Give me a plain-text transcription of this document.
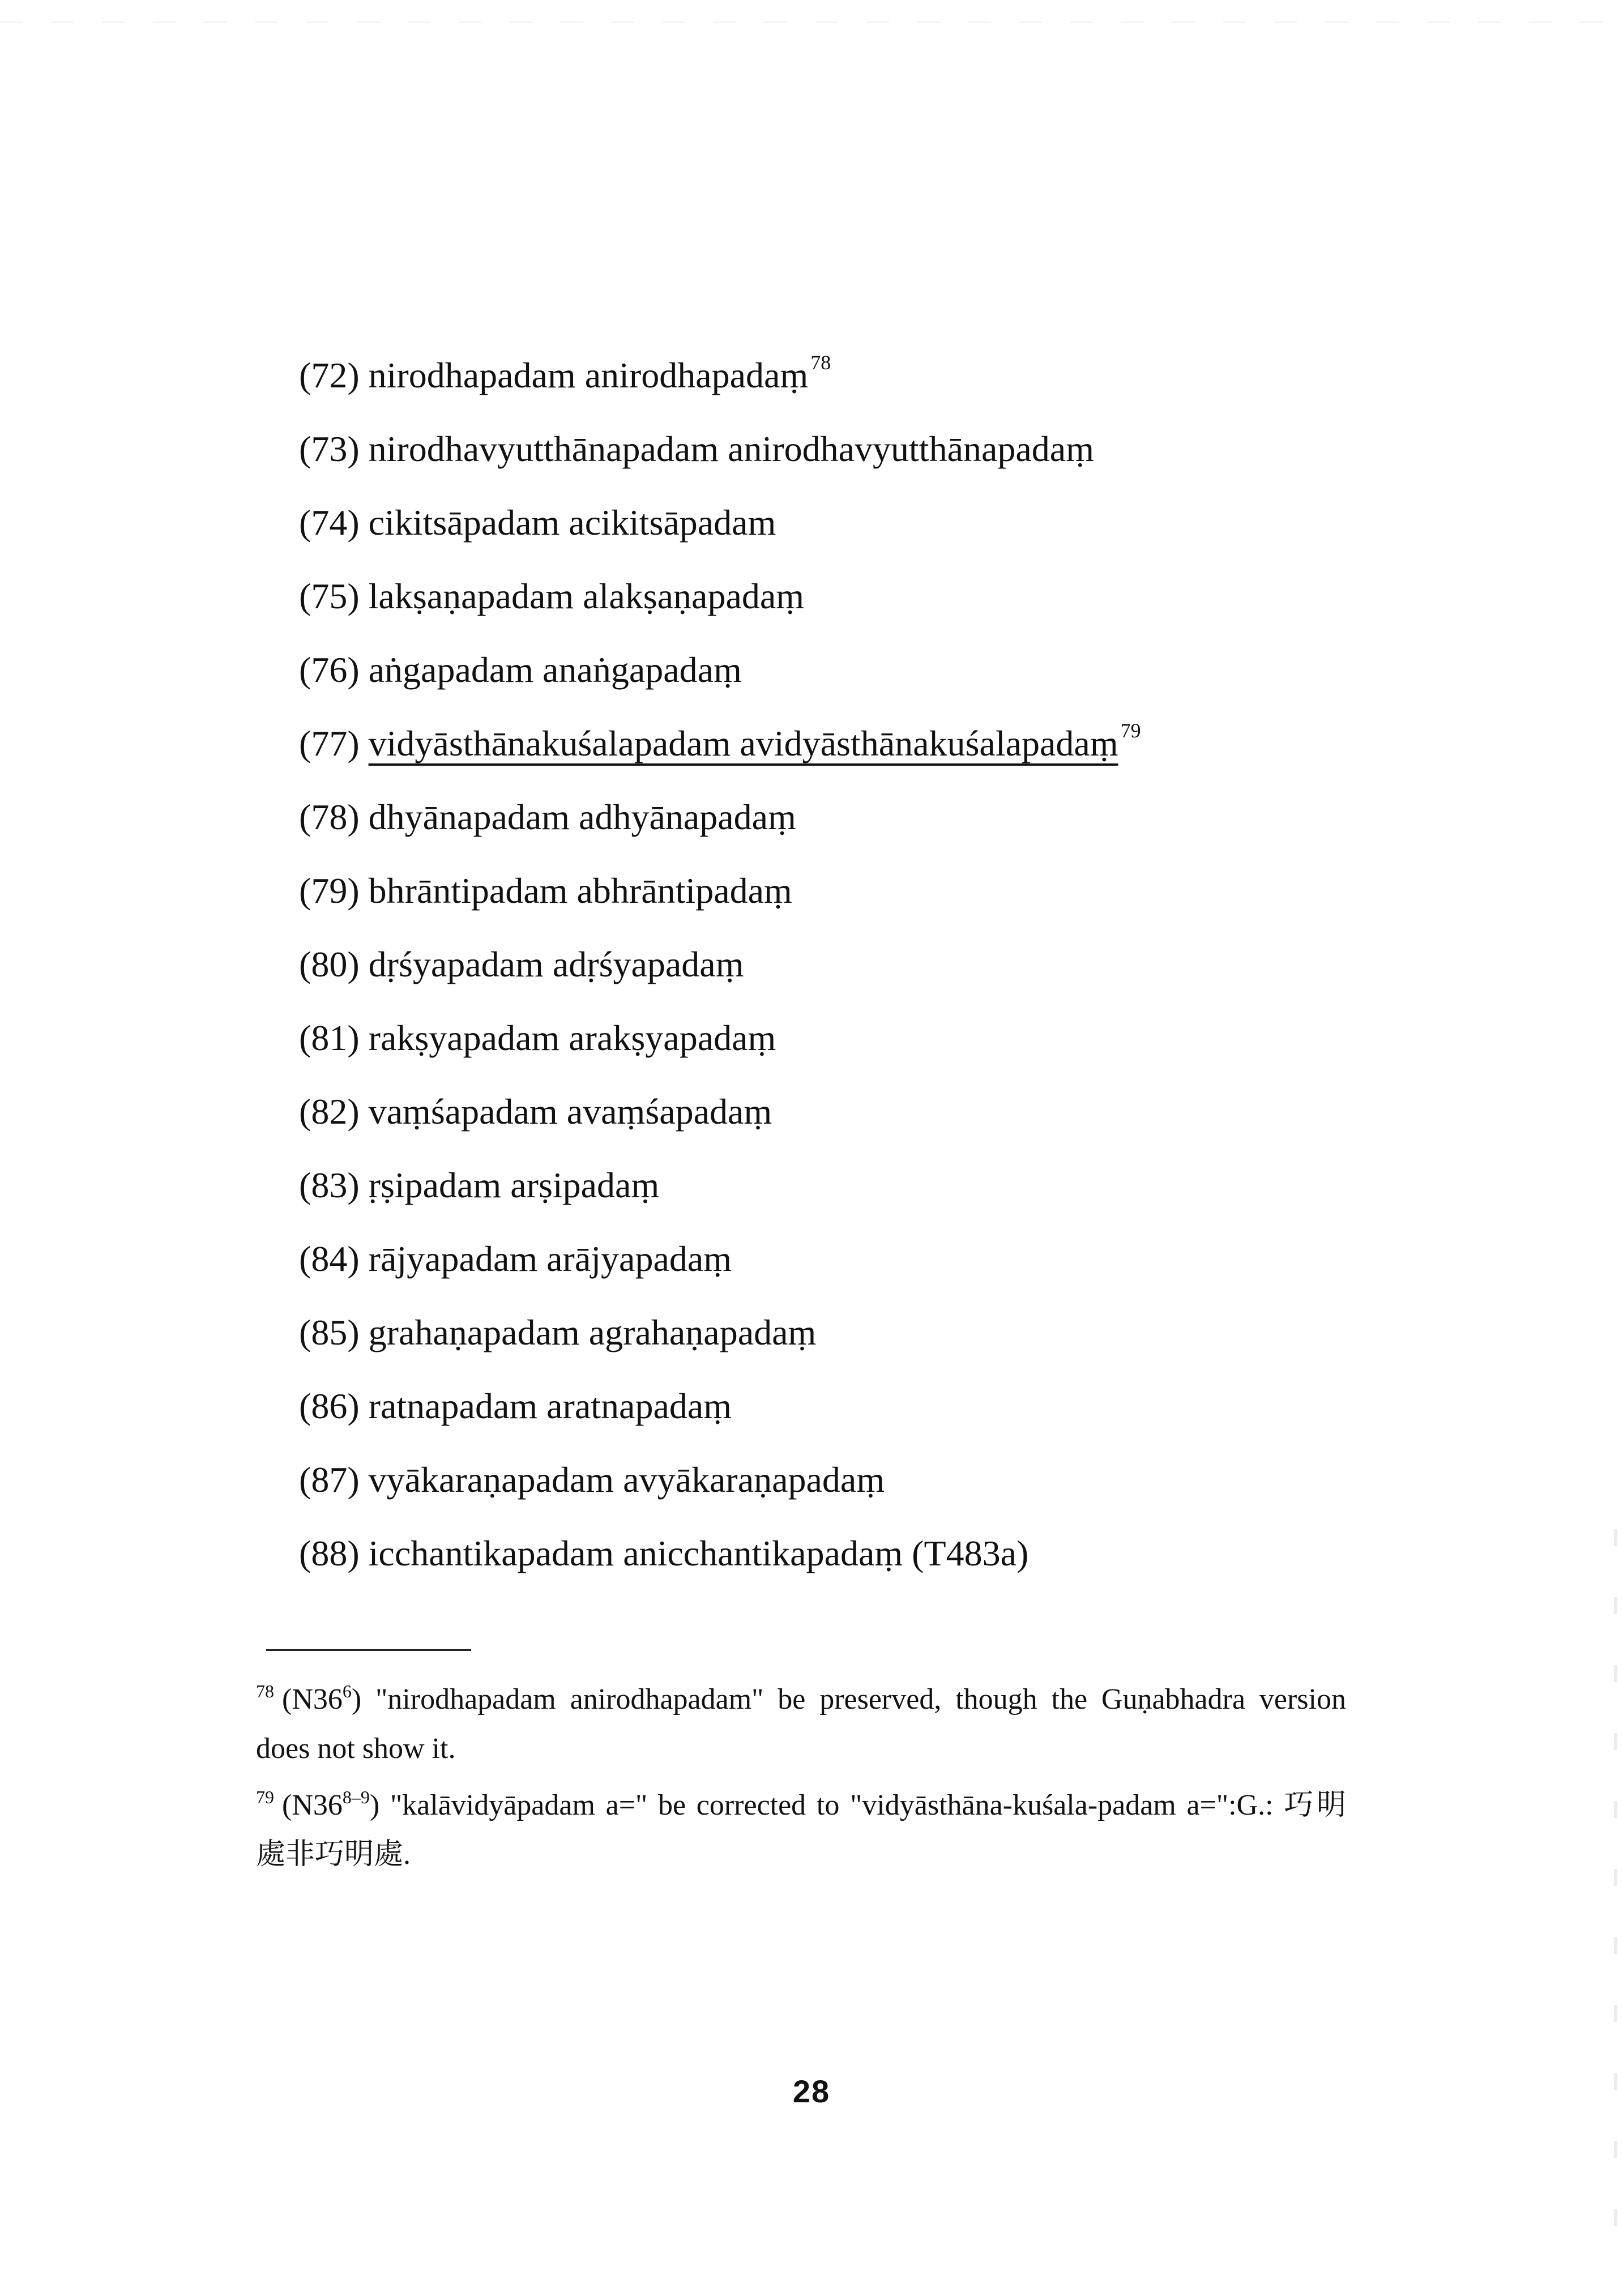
(72) nirodhapadam anirodhapadaṃ $^{78}$
(73) nirodhavyutthānapadam anirodhavyutthānapadaṃ
(74) cikitsāpadam acikitsāpadam
(75) lakṣaṇapadam alakṣaṇapadaṃ
(76) aṅgapadam anaṅgapadaṃ
(77) vidyāsthānakuśalapadam avidyāsthānakuśalapadaṃ $^{79}$
(78) dhyānapadam adhyānapadaṃ
(79) bhrāntipadam abhrāntipadaṃ
(80) dṛśyapadam adṛśyapadaṃ
(81) rakṣyapadam arakṣyapadaṃ
(82) vaṃśapadam avaṃśapadaṃ
(83) ṛṣipadam arṣipadaṃ
(84) rājyapadam arājyapadaṃ
(85) grahaṇapadam agrahaṇapadaṃ
(86) ratnapadam aratnapadaṃ
(87) vyākaraṇapadam avyākaraṇapadaṃ
(88) icchantikapadam anicchantikapadaṃ (T483a)

$^{78}$ $(N36^6)$ "nirodhapadam anirodhapadam" be preserved, though the Guṇabhadra version does not show it.

$^{79}$ (N36$^{8-9}$) "kalāvidyāpadam a=" be corrected to "vidyāsthāna-kuśala-padam a=":G.: 巧明處非巧明處.

28
